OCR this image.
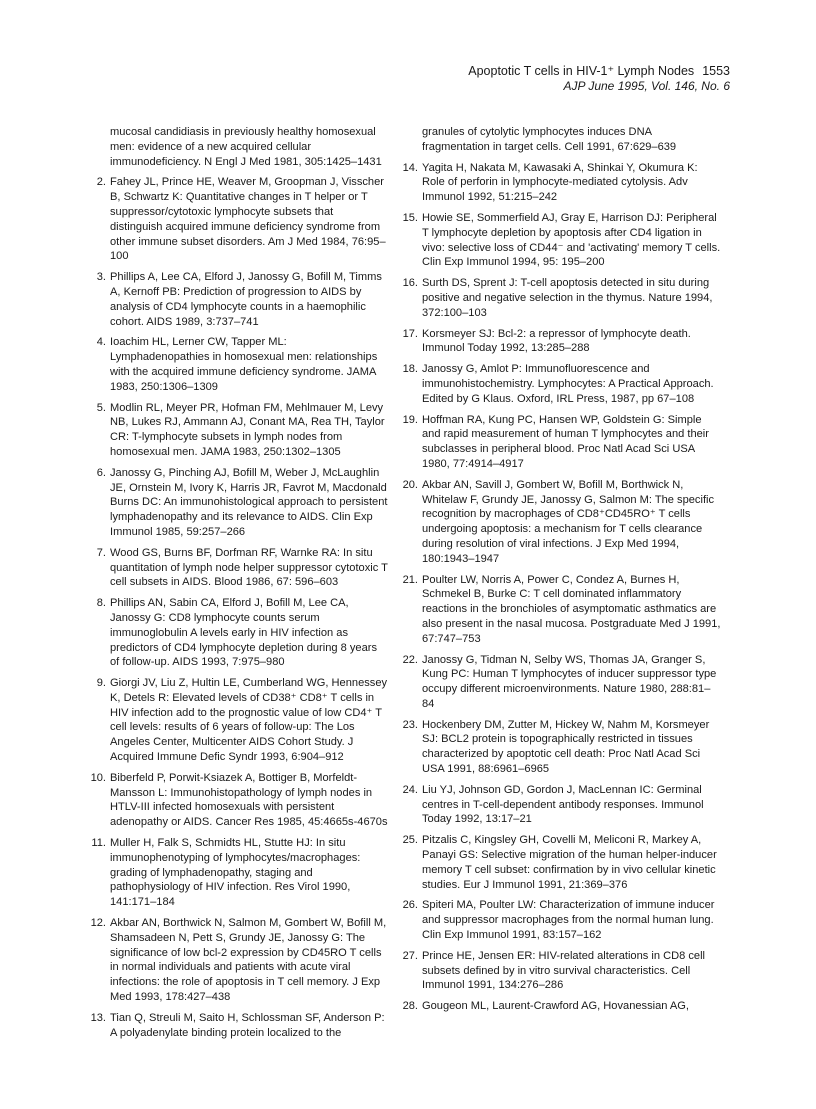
Apoptotic T cells in HIV-1⁺ Lymph Nodes 1553
AJP June 1995, Vol. 146, No. 6
mucosal candidiasis in previously healthy homosexual men: evidence of a new acquired cellular immunodeficiency. N Engl J Med 1981, 305:1425–1431
2. Fahey JL, Prince HE, Weaver M, Groopman J, Visscher B, Schwartz K: Quantitative changes in T helper or T suppressor/cytotoxic lymphocyte subsets that distinguish acquired immune deficiency syndrome from other immune subset disorders. Am J Med 1984, 76:95–100
3. Phillips A, Lee CA, Elford J, Janossy G, Bofill M, Timms A, Kernoff PB: Prediction of progression to AIDS by analysis of CD4 lymphocyte counts in a haemophilic cohort. AIDS 1989, 3:737–741
4. Ioachim HL, Lerner CW, Tapper ML: Lymphadenopathies in homosexual men: relationships with the acquired immune deficiency syndrome. JAMA 1983, 250:1306–1309
5. Modlin RL, Meyer PR, Hofman FM, Mehlmauer M, Levy NB, Lukes RJ, Ammann AJ, Conant MA, Rea TH, Taylor CR: T-lymphocyte subsets in lymph nodes from homosexual men. JAMA 1983, 250:1302–1305
6. Janossy G, Pinching AJ, Bofill M, Weber J, McLaughlin JE, Ornstein M, Ivory K, Harris JR, Favrot M, Macdonald Burns DC: An immunohistological approach to persistent lymphadenopathy and its relevance to AIDS. Clin Exp Immunol 1985, 59:257–266
7. Wood GS, Burns BF, Dorfman RF, Warnke RA: In situ quantitation of lymph node helper suppressor cytotoxic T cell subsets in AIDS. Blood 1986, 67: 596–603
8. Phillips AN, Sabin CA, Elford J, Bofill M, Lee CA, Janossy G: CD8 lymphocyte counts serum immunoglobulin A levels early in HIV infection as predictors of CD4 lymphocyte depletion during 8 years of follow-up. AIDS 1993, 7:975–980
9. Giorgi JV, Liu Z, Hultin LE, Cumberland WG, Hennessey K, Detels R: Elevated levels of CD38⁺ CD8⁺ T cells in HIV infection add to the prognostic value of low CD4⁺ T cell levels: results of 6 years of follow-up: The Los Angeles Center, Multicenter AIDS Cohort Study. J Acquired Immune Defic Syndr 1993, 6:904–912
10. Biberfeld P, Porwit-Ksiazek A, Bottiger B, Morfeldt-Mansson L: Immunohistopathology of lymph nodes in HTLV-III infected homosexuals with persistent adenopathy or AIDS. Cancer Res 1985, 45:4665s-4670s
11. Muller H, Falk S, Schmidts HL, Stutte HJ: In situ immunophenotyping of lymphocytes/macrophages: grading of lymphadenopathy, staging and pathophysiology of HIV infection. Res Virol 1990, 141:171–184
12. Akbar AN, Borthwick N, Salmon M, Gombert W, Bofill M, Shamsadeen N, Pett S, Grundy JE, Janossy G: The significance of low bcl-2 expression by CD45RO T cells in normal individuals and patients with acute viral infections: the role of apoptosis in T cell memory. J Exp Med 1993, 178:427–438
13. Tian Q, Streuli M, Saito H, Schlossman SF, Anderson P: A polyadenylate binding protein localized to the
granules of cytolytic lymphocytes induces DNA fragmentation in target cells. Cell 1991, 67:629–639
14. Yagita H, Nakata M, Kawasaki A, Shinkai Y, Okumura K: Role of perforin in lymphocyte-mediated cytolysis. Adv Immunol 1992, 51:215–242
15. Howie SE, Sommerfield AJ, Gray E, Harrison DJ: Peripheral T lymphocyte depletion by apoptosis after CD4 ligation in vivo: selective loss of CD44⁻ and 'activating' memory T cells. Clin Exp Immunol 1994, 95: 195–200
16. Surth DS, Sprent J: T-cell apoptosis detected in situ during positive and negative selection in the thymus. Nature 1994, 372:100–103
17. Korsmeyer SJ: Bcl-2: a repressor of lymphocyte death. Immunol Today 1992, 13:285–288
18. Janossy G, Amlot P: Immunofluorescence and immunohistochemistry. Lymphocytes: A Practical Approach. Edited by G Klaus. Oxford, IRL Press, 1987, pp 67–108
19. Hoffman RA, Kung PC, Hansen WP, Goldstein G: Simple and rapid measurement of human T lymphocytes and their subclasses in peripheral blood. Proc Natl Acad Sci USA 1980, 77:4914–4917
20. Akbar AN, Savill J, Gombert W, Bofill M, Borthwick N, Whitelaw F, Grundy JE, Janossy G, Salmon M: The specific recognition by macrophages of CD8⁺CD45RO⁺ T cells undergoing apoptosis: a mechanism for T cells clearance during resolution of viral infections. J Exp Med 1994, 180:1943–1947
21. Poulter LW, Norris A, Power C, Condez A, Burnes H, Schmekel B, Burke C: T cell dominated inflammatory reactions in the bronchioles of asymptomatic asthmatics are also present in the nasal mucosa. Postgraduate Med J 1991, 67:747–753
22. Janossy G, Tidman N, Selby WS, Thomas JA, Granger S, Kung PC: Human T lymphocytes of inducer suppressor type occupy different microenvironments. Nature 1980, 288:81–84
23. Hockenbery DM, Zutter M, Hickey W, Nahm M, Korsmeyer SJ: BCL2 protein is topographically restricted in tissues characterized by apoptotic cell death: Proc Natl Acad Sci USA 1991, 88:6961–6965
24. Liu YJ, Johnson GD, Gordon J, MacLennan IC: Germinal centres in T-cell-dependent antibody responses. Immunol Today 1992, 13:17–21
25. Pitzalis C, Kingsley GH, Covelli M, Meliconi R, Markey A, Panayi GS: Selective migration of the human helper-inducer memory T cell subset: confirmation by in vivo cellular kinetic studies. Eur J Immunol 1991, 21:369–376
26. Spiteri MA, Poulter LW: Characterization of immune inducer and suppressor macrophages from the normal human lung. Clin Exp Immunol 1991, 83:157–162
27. Prince HE, Jensen ER: HIV-related alterations in CD8 cell subsets defined by in vitro survival characteristics. Cell Immunol 1991, 134:276–286
28. Gougeon ML, Laurent-Crawford AG, Hovanessian AG,
